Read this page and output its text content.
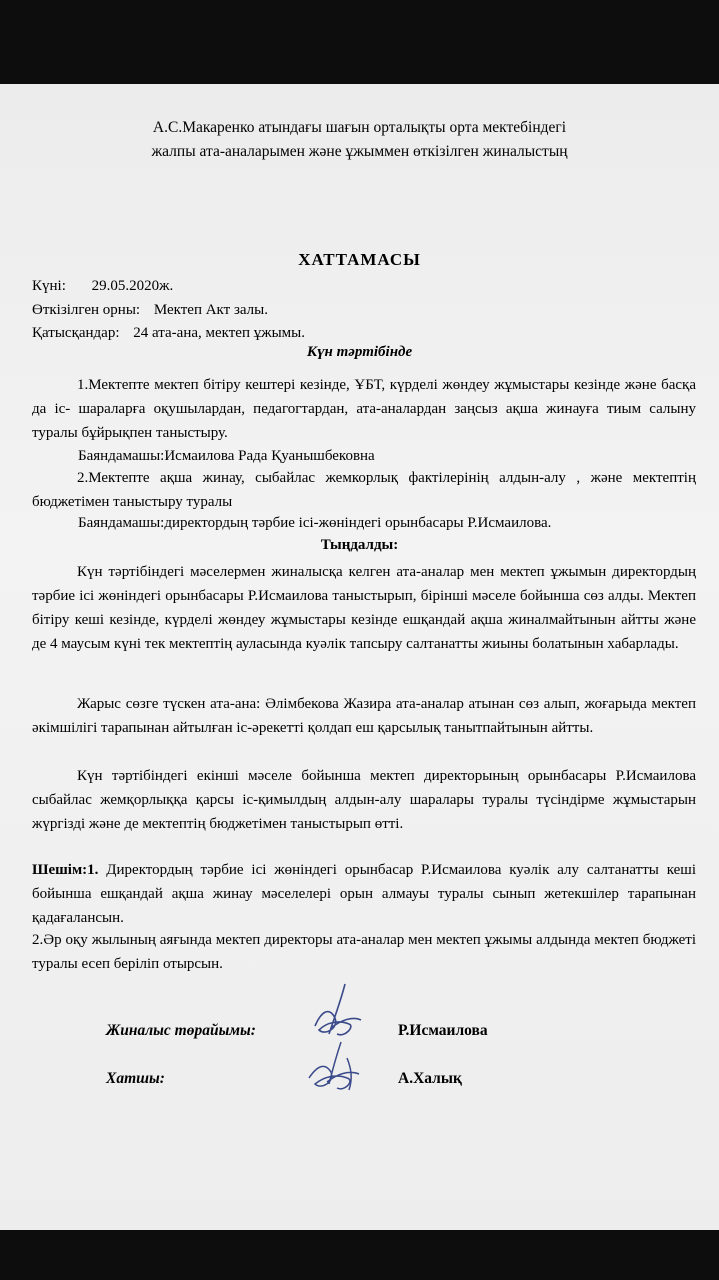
А.С.Макаренко атындағы шағын орталықты орта мектебіндегі
жалпы ата-аналарымен және ұжыммен өткізілген жиналыстың
ХАТТАМАСЫ
Күні: 29.05.2020ж.
Өткізілген орны: Мектеп Акт залы.
Қатысқандар: 24 ата-ана, мектеп ұжымы.
Күн тәртібінде
1.Мектепте мектеп бітіру кештері кезінде, ҰБТ, күрделі жөндеу жұмыстары кезінде және басқа да іс- шараларға оқушылардан, педагогтардан, ата-аналардан заңсыз ақша жинауға тиым салыну туралы бұйрықпен таныстыру.
Баяндамашы:Исмаилова Рада Қуанышбековна
2.Мектепте ақша жинау, сыбайлас жемкорлық фактілерінің алдын-алу , және мектептің бюджетімен таныстыру туралы
Баяндамашы:директордың тәрбие ісі-жөніндегі орынбасары Р.Исмаилова.
Тыңдалды:
Күн тәртібіндегі мәселермен жиналысқа келген ата-аналар мен мектеп ұжымын директордың тәрбие ісі жөніндегі орынбасары Р.Исмаилова таныстырып, бірінші мәселе бойынша сөз алды. Мектеп бітіру кеші кезінде, күрделі жөндеу жұмыстары кезінде ешқандай ақша жиналмайтынын айтты және де 4 маусым күні тек мектептің ауласында куәлік тапсыру салтанатты жиыны болатынын хабарлады.
Жарыс сөзге түскен ата-ана: Әлімбекова Жазира ата-аналар атынан сөз алып, жоғарыда мектеп әкімшілігі тарапынан айтылған іс-әрекетті қолдап еш қарсылық танытпайтынын айтты.
Күн тәртібіндегі екінші мәселе бойынша мектеп директорының орынбасары Р.Исмаилова сыбайлас жемқорлыққа қарсы іс-қимылдың алдын-алу шаралары туралы түсіндірме жұмыстарын жүргізді және де мектептің бюджетімен таныстырып өтті.
Шешім:1. Директордың тәрбие ісі жөніндегі орынбасар Р.Исмаилова куәлік алу салтанатты кеші бойынша ешқандай ақша жинау мәселелері орын алмауы туралы сынып жетекшілер тарапынан қадағалансын.
2.Әр оқу жылының аяғында мектеп директоры ата-аналар мен мектеп ұжымы алдында мектеп бюджеті туралы есеп беріліп отырсын.
Жиналыс төрайымы:	Р.Исмаилова
Хатшы:	А.Халық
